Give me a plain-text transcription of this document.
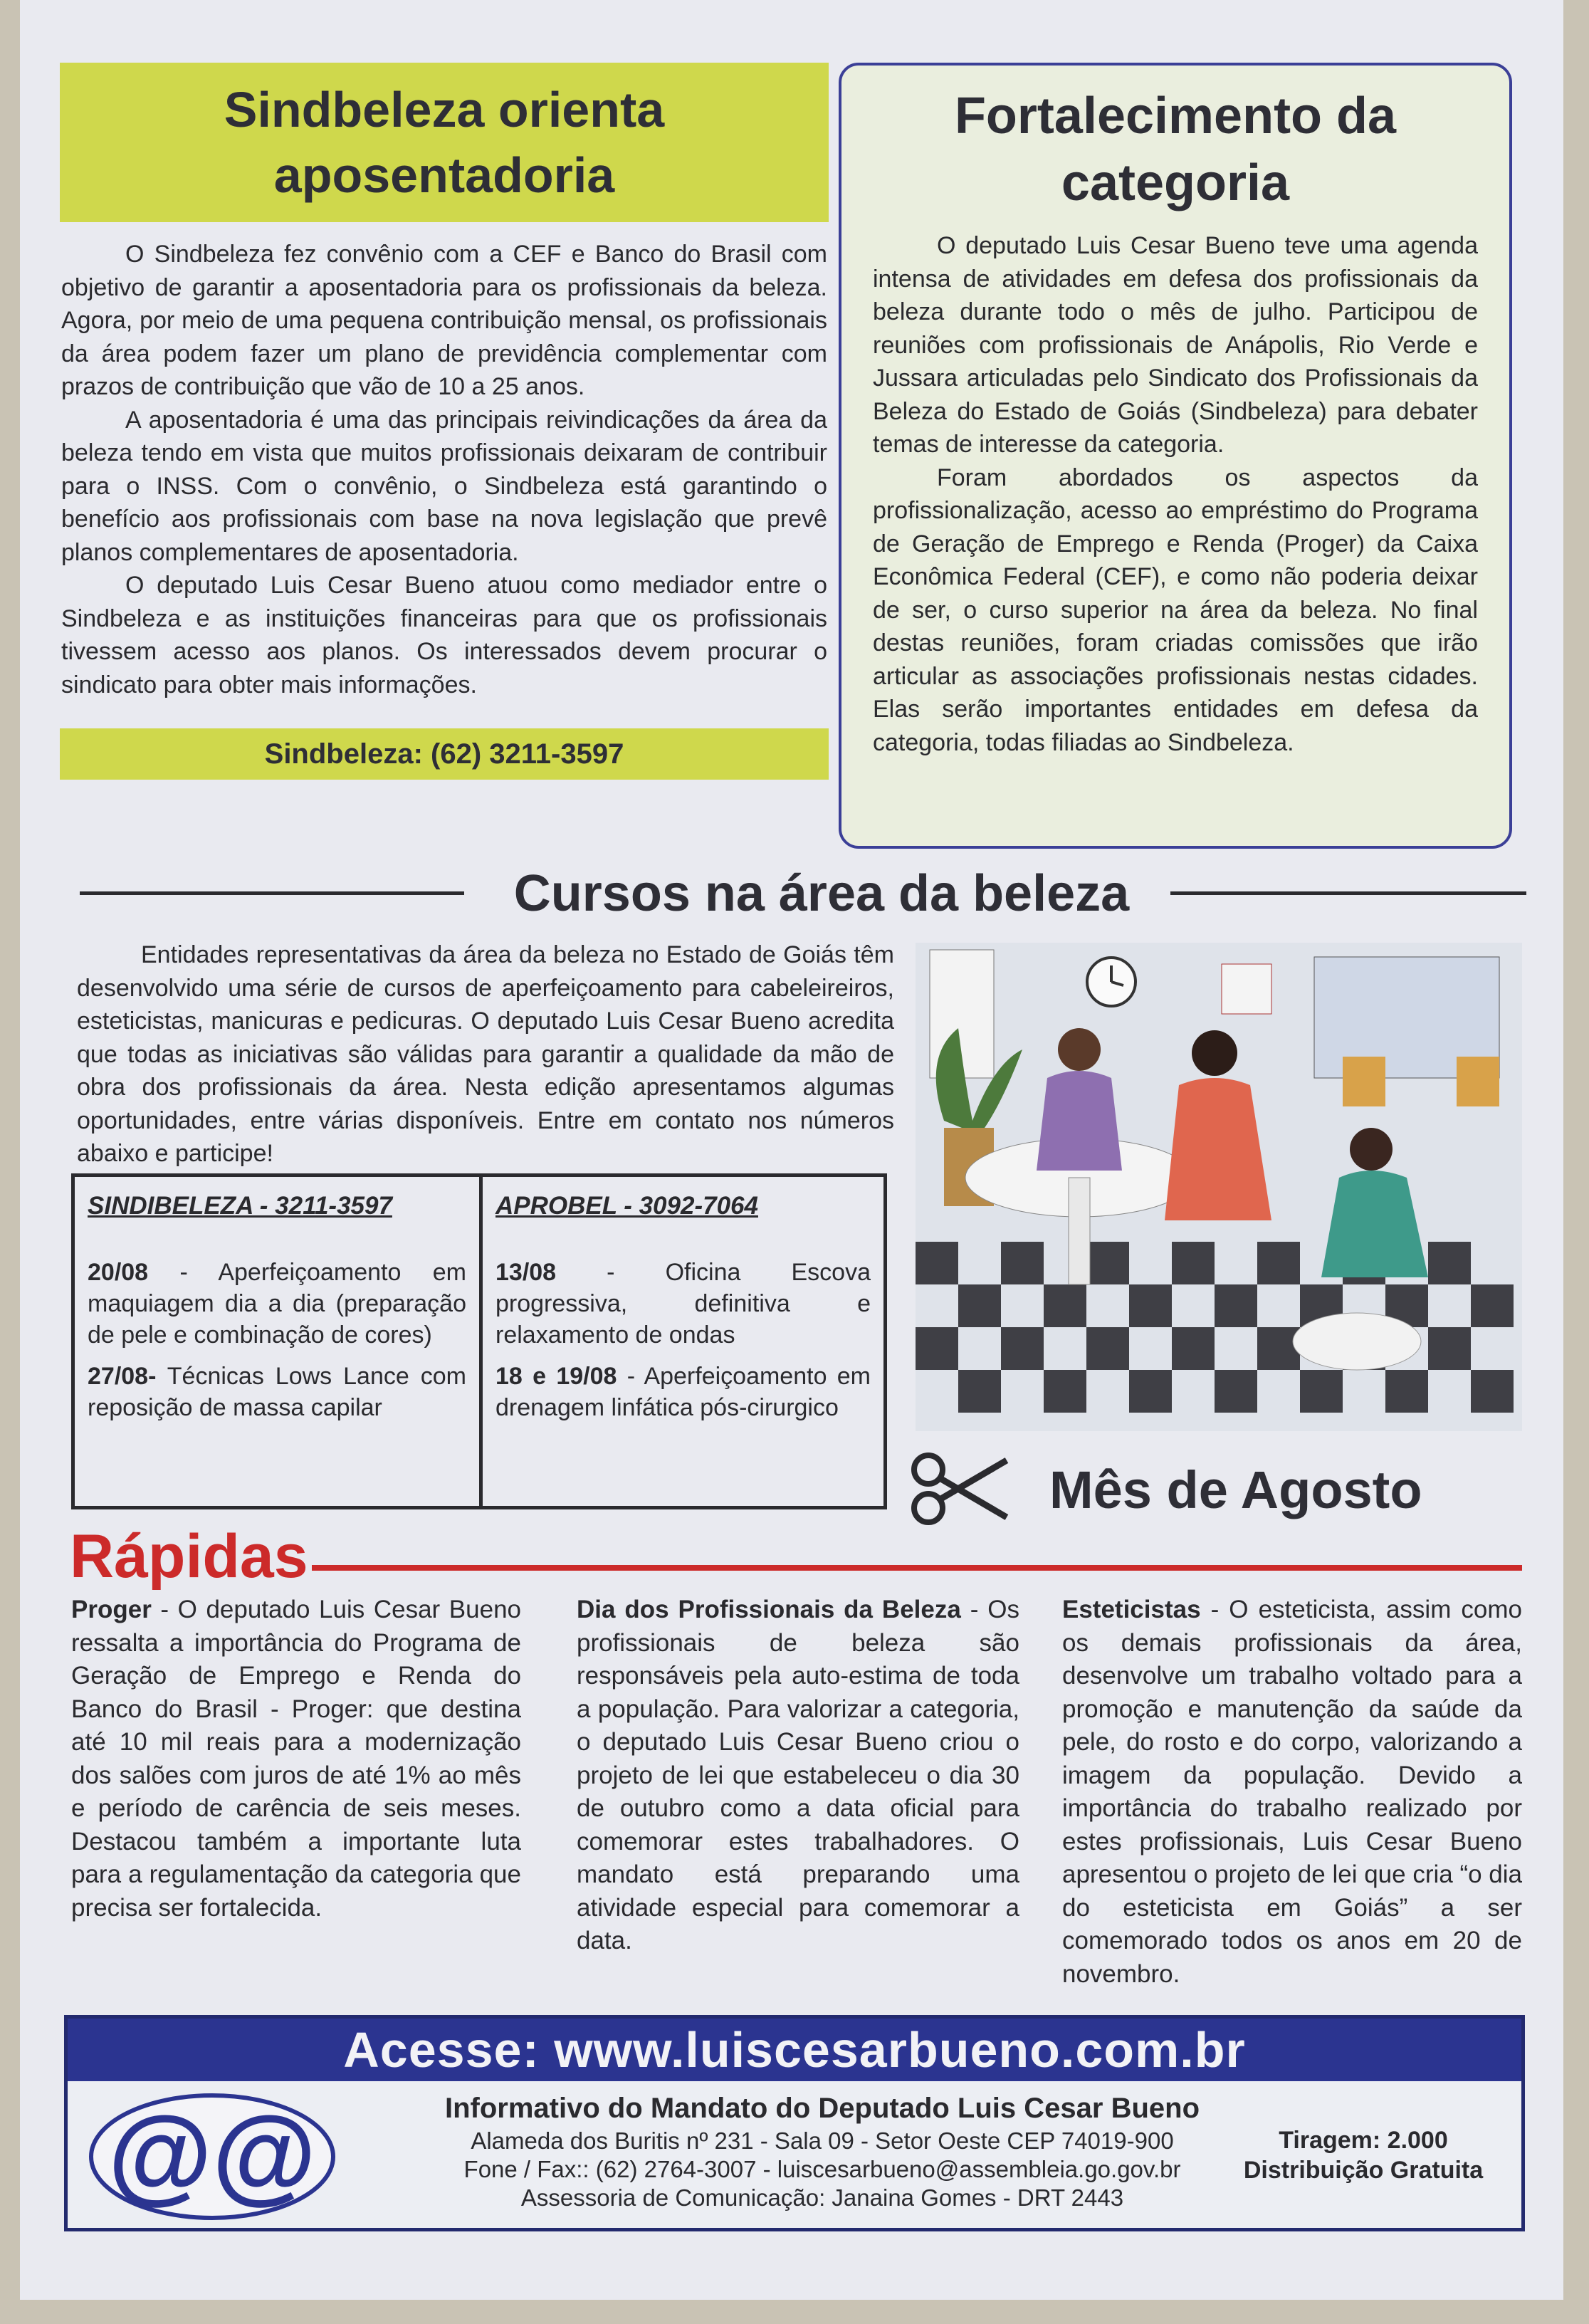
Sindbeleza orienta aposentadoria

O Sindbeleza fez convênio com a CEF e Banco do Brasil com objetivo de garantir a aposentadoria para os profissionais da beleza. Agora, por meio de uma pequena contribuição mensal, os profissionais da área podem fazer um plano de previdência complementar com prazos de contribuição que vão de 10 a 25 anos.

A aposentadoria é uma das principais reivindicações da área da beleza tendo em vista que muitos profissionais deixaram de contribuir para o INSS. Com o convênio, o Sindbeleza está garantindo o benefício aos profissionais com base na nova legislação que prevê planos complementares de aposentadoria.

O deputado Luis Cesar Bueno atuou como mediador entre o Sindbeleza e as instituições financeiras para que os profissionais tivessem acesso aos planos. Os interessados devem procurar o sindicato para obter mais informações.

Sindbeleza: (62) 3211-3597
Fortalecimento da categoria

O deputado Luis Cesar Bueno teve uma agenda intensa de atividades em defesa dos profissionais da beleza durante todo o mês de julho. Participou de reuniões com profissionais de Anápolis, Rio Verde e Jussara articuladas pelo Sindicato dos Profissionais da Beleza do Estado de Goiás (Sindbeleza) para debater temas de interesse da categoria.

Foram abordados os aspectos da profissionalização, acesso ao empréstimo do Programa de Geração de Emprego e Renda (Proger) da Caixa Econômica Federal (CEF), e como não poderia deixar de ser, o curso superior na área da beleza. No final destas reuniões, foram criadas comissões que irão articular as associações profissionais nestas cidades. Elas serão importantes entidades em defesa da categoria, todas filiadas ao Sindbeleza.

Cursos na área da beleza

Entidades representativas da área da beleza no Estado de Goiás têm desenvolvido uma série de cursos de aperfeiçoamento para cabeleireiros, esteticistas, manicuras e pedicuras. O deputado Luis Cesar Bueno acredita que todas as iniciativas são válidas para garantir a qualidade da mão de obra dos profissionais da área. Nesta edição apresentamos algumas oportunidades, entre várias disponíveis. Entre em contato nos números abaixo e participe!

SINDIBELEZA - 3211-3597
20/08 - Aperfeiçoamento em maquiagem dia a dia (preparação de pele e combinação de cores)
27/08- Técnicas Lows Lance com reposição de massa capilar
APROBEL - 3092-7064
13/08 - Oficina Escova progressiva, definitiva e relaxamento de ondas
18 e 19/08 - Aperfeiçoamento em drenagem linfática pós-cirurgico
Mês de Agosto
Rápidas

Proger - O deputado Luis Cesar Bueno ressalta a importância do Programa de Geração de Emprego e Renda do Banco do Brasil - Proger: que destina até 10 mil reais para a modernização dos salões com juros de até 1% ao mês e período de carência de seis meses. Destacou também a importante luta para a regulamentação da categoria que precisa ser fortalecida.

Dia dos Profissionais da Beleza - Os profissionais de beleza são responsáveis pela auto-estima de toda a população. Para valorizar a categoria, o deputado Luis Cesar Bueno criou o projeto de lei que estabeleceu o dia 30 de outubro como a data oficial para comemorar estes trabalhadores. O mandato está preparando uma atividade especial para comemorar a data.

Esteticistas - O esteticista, assim como os demais profissionais da área, desenvolve um trabalho voltado para a promoção e manutenção da saúde da pele, do rosto e do corpo, valorizando a imagem da população. Devido a importância do trabalho realizado por estes profissionais, Luis Cesar Bueno apresentou o projeto de lei que cria “o dia do esteticista em Goiás” a ser comemorado todos os anos em 20 de novembro.

Acesse: www.luiscesarbueno.com.br
@@	Informativo do Mandato do Deputado Luis Cesar Bueno
Alameda dos Buritis nº 231 - Sala 09 - Setor Oeste CEP 74019-900
Fone / Fax:: (62) 2764-3007 - luiscesarbueno@assembleia.go.gov.br
Assessoria de Comunicação: Janaina Gomes - DRT 2443
Tiragem: 2.000
Distribuição Gratuita
